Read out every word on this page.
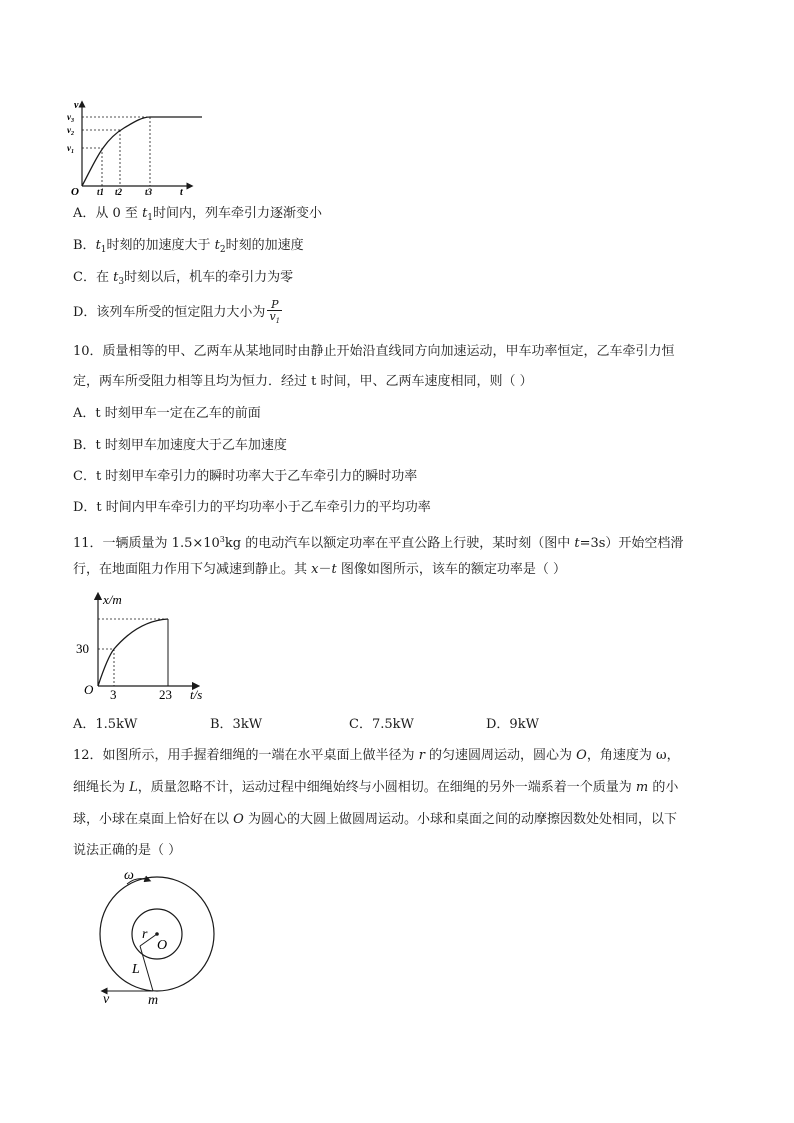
v
$v_3$
$v_2$
$v_1$
O t1 t2	t3	t
A．从 0 至 $t_1$时间内，列车牵引力逐渐变小
B．$t_1$时刻的加速度大于 $t_2$时刻的加速度
C．在 $t_3$时刻以后，机车的牵引力为零
D．该列车所受的恒定阻力大小为 $\frac{P}{v_1}$
10．质量相等的甲、乙两车从某地同时由静止开始沿直线同方向加速运动，甲车功率恒定，乙车牵引力恒
定，两车所受阻力相等且均为恒力．经过 t 时间，甲、乙两车速度相同，则（ ）
A．t 时刻甲车一定在乙车的前面
B．t 时刻甲车加速度大于乙车加速度
C．t 时刻甲车牵引力的瞬时功率大于乙车牵引力的瞬时功率
D．t 时间内甲车牵引力的平均功率小于乙车牵引力的平均功率
11．一辆质量为 $1.5\times 10^3kg$ 的电动汽车以额定功率在平直公路上行驶，某时刻（图中 t=3s）开始空档滑
行，在地面阻力作用下匀减速到静止。其 x－t 图像如图所示，该车的额定功率是（ ）
x/m
30
O 3	23 t/s
A．1.5kW	B．3kW	C．7.5kW	D．9kW
12．如图所示，用手握着细绳的一端在水平桌面上做半径为 r 的匀速圆周运动，圆心为 O，角速度为 ω，
细绳长为 L，质量忽略不计，运动过程中细绳始终与小圆相切。在细绳的另外一端系着一个质量为 m 的小
球，小球在桌面上恰好在以 O 为圆心的大圆上做圆周运动。小球和桌面之间的动摩擦因数处处相同，以下
说法正确的是（ ）
ω
r
O
L
v	m
